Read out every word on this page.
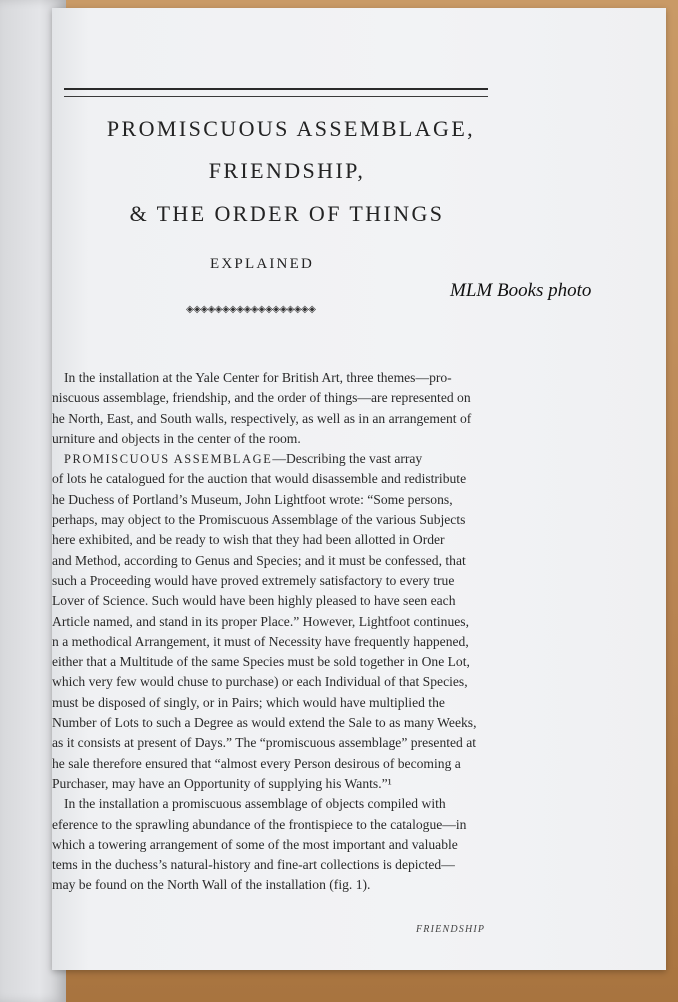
PROMISCUOUS ASSEMBLAGE,
FRIENDSHIP,
& THE ORDER OF THINGS
EXPLAINED
◈◈◈◈◈◈◈◈◈◈◈◈◈◈◈◈◈◈
MLM Books photo
In the installation at the Yale Center for British Art, three themes—pro-
niscuous assemblage, friendship, and the order of things—are represented on
he North, East, and South walls, respectively, as well as in an arrangement of
urniture and objects in the center of the room.
PROMISCUOUS ASSEMBLAGE—Describing the vast array
of lots he catalogued for the auction that would disassemble and redistribute
he Duchess of Portland’s Museum, John Lightfoot wrote: “Some persons,
perhaps, may object to the Promiscuous Assemblage of the various Subjects
here exhibited, and be ready to wish that they had been allotted in Order
and Method, according to Genus and Species; and it must be confessed, that
such a Proceeding would have proved extremely satisfactory to every true
Lover of Science. Such would have been highly pleased to have seen each
Article named, and stand in its proper Place.” However, Lightfoot continues,
n a methodical Arrangement, it must of Necessity have frequently happened,
either that a Multitude of the same Species must be sold together in One Lot,
which very few would chuse to purchase) or each Individual of that Species,
must be disposed of singly, or in Pairs; which would have multiplied the
Number of Lots to such a Degree as would extend the Sale to as many Weeks,
as it consists at present of Days.” The “promiscuous assemblage” presented at
he sale therefore ensured that “almost every Person desirous of becoming a
Purchaser, may have an Opportunity of supplying his Wants.”¹
In the installation a promiscuous assemblage of objects compiled with
eference to the sprawling abundance of the frontispiece to the catalogue—in
which a towering arrangement of some of the most important and valuable
tems in the duchess’s natural-history and fine-art collections is depicted—
may be found on the North Wall of the installation (fig. 1).
FRIENDSHIP
